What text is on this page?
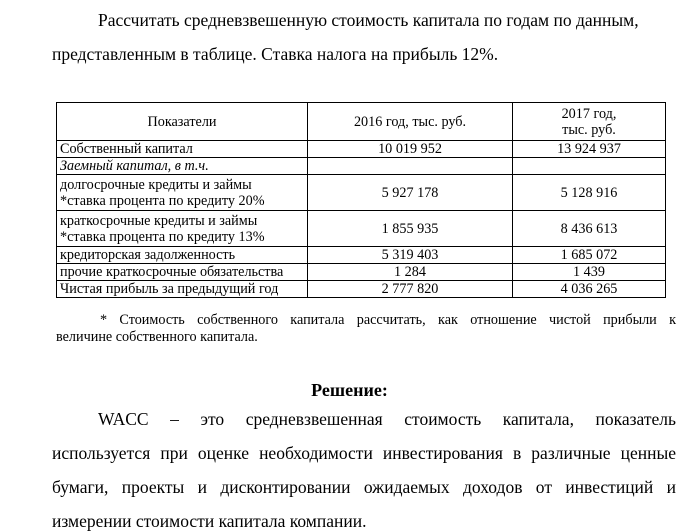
Рассчитать средневзвешенную стоимость капитала по годам по данным,
представленным в таблице. Ставка налога на прибыль 12%.
Показатели	2016 год, тыс. руб.	2017 год,
тыс. руб.

Собственный капитал	10 019 952	13 924 937
Заемный капитал, в т.ч.		

долгосрочные кредиты и займы
*ставка процента по кредиту 20%	5 927 178	5 128 916

краткосрочные кредиты и займы
*ставка процента по кредиту 13%	1 855 935	8 436 613
кредиторская задолженность	5 319 403	1 685 072
прочие краткосрочные обязательства	1 284	1 439
Чистая прибыль за предыдущий год	2 777 820	4 036 265
* Стоимость собственного капитала рассчитать, как отношение чистой прибыли к
величине собственного капитала.
Решение:
WACC – это средневзвешенная стоимость капитала, показатель
используется при оценке необходимости инвестирования в различные ценные
бумаги, проекты и дисконтировании ожидаемых доходов от инвестиций и
измерении стоимости капитала компании.
